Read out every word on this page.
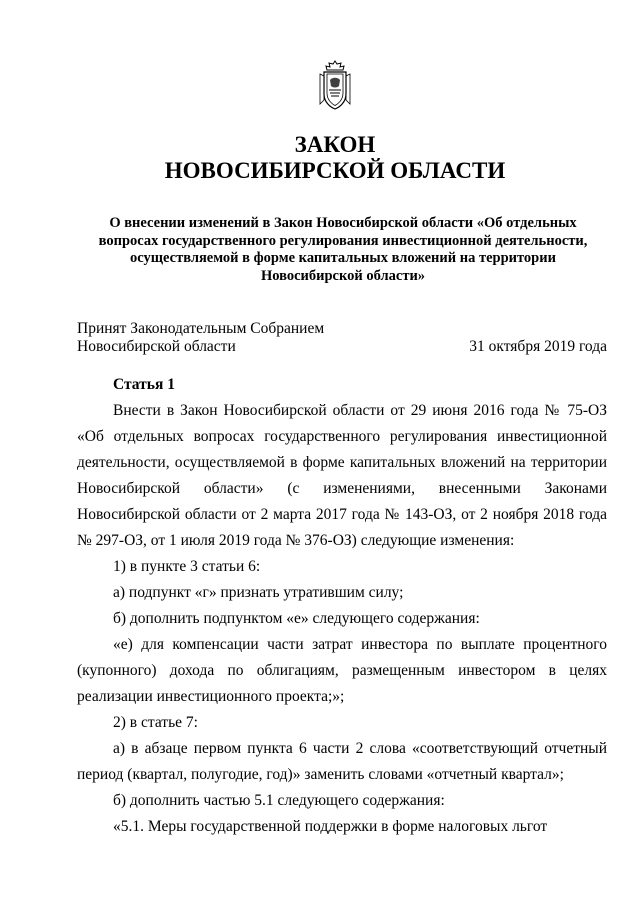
ЗАКОН
НОВОСИБИРСКОЙ ОБЛАСТИ
О внесении изменений в Закон Новосибирской области «Об отдельных вопросах государственного регулирования инвестиционной деятельности, осуществляемой в форме капитальных вложений на территории Новосибирской области»
Принят Законодательным Собранием
Новосибирской области	31 октября 2019 года

Статья 1

Внести в Закон Новосибирской области от 29 июня 2016 года № 75-ОЗ «Об отдельных вопросах государственного регулирования инвестиционной деятельности, осуществляемой в форме капитальных вложений на территории Новосибирской области» (с изменениями, внесенными Законами Новосибирской области от 2 марта 2017 года № 143-ОЗ, от 2 ноября 2018 года № 297-ОЗ, от 1 июля 2019 года № 376-ОЗ) следующие изменения:

1) в пункте 3 статьи 6:

а) подпункт «г» признать утратившим силу;

б) дополнить подпунктом «е» следующего содержания:

«е) для компенсации части затрат инвестора по выплате процентного (купонного) дохода по облигациям, размещенным инвестором в целях реализации инвестиционного проекта;»;

2) в статье 7:

а) в абзаце первом пункта 6 части 2 слова «соответствующий отчетный период (квартал, полугодие, год)» заменить словами «отчетный квартал»;

б) дополнить частью 5.1 следующего содержания:

«5.1. Меры государственной поддержки в форме налоговых льгот
